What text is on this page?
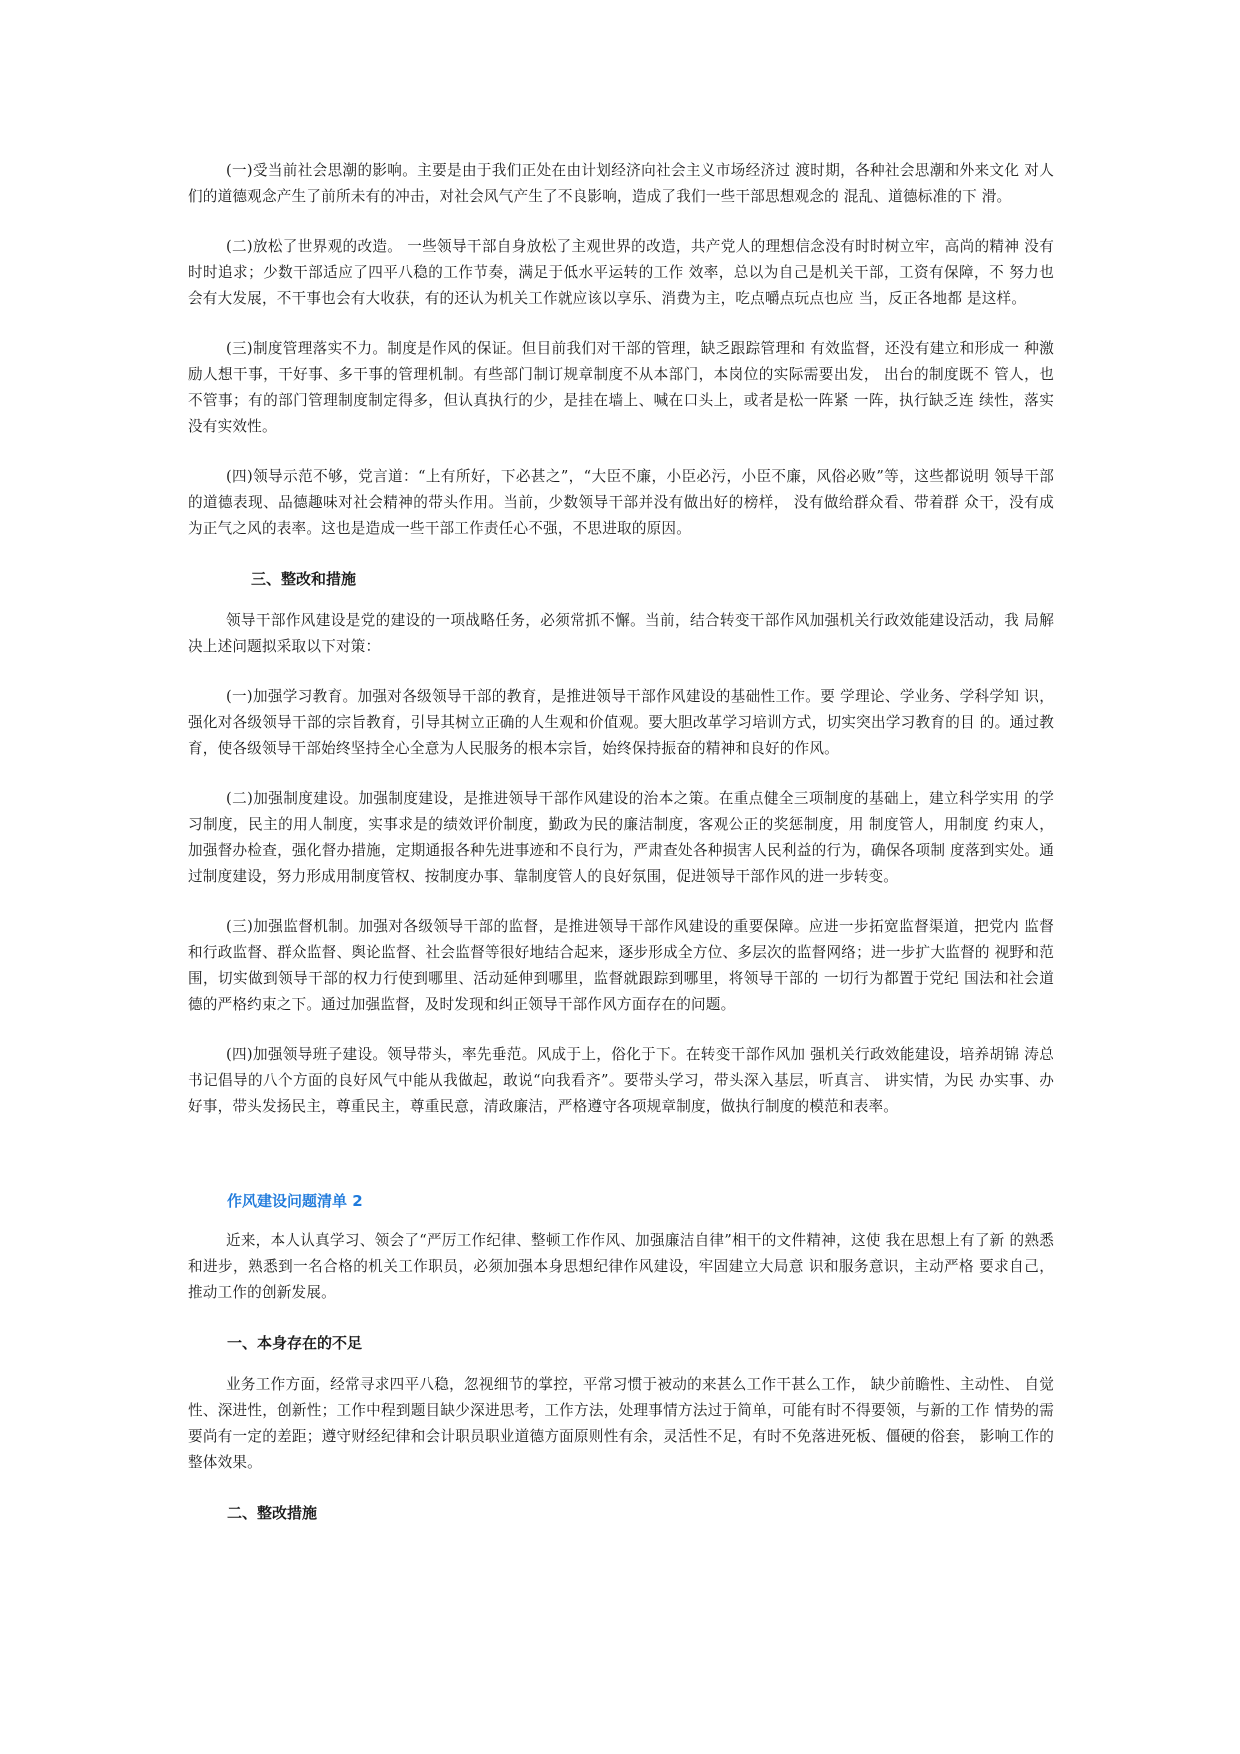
(一)受当前社会思潮的影响。主要是由于我们正处在由计划经济向社会主义市场经济过 渡时期，各种社会思潮和外来文化 对人们的道德观念产生了前所未有的冲击，对社会风气产生了不良影响，造成了我们一些干部思想观念的 混乱、道德标准的下 滑。

(二)放松了世界观的改造。 一些领导干部自身放松了主观世界的改造，共产党人的理想信念没有时时树立牢，高尚的精神 没有时时追求；少数干部适应了四平八稳的工作节奏，满足于低水平运转的工作 效率，总以为自己是机关干部，工资有保障，不 努力也会有大发展，不干事也会有大收获，有的还认为机关工作就应该以享乐、消费为主，吃点嚼点玩点也应 当，反正各地都 是这样。

(三)制度管理落实不力。制度是作风的保证。但目前我们对干部的管理，缺乏跟踪管理和 有效监督，还没有建立和形成一 种激励人想干事，干好事、多干事的管理机制。有些部门制订规章制度不从本部门，本岗位的实际需要出发， 出台的制度既不 管人，也不管事；有的部门管理制度制定得多，但认真执行的少，是挂在墙上、喊在口头上，或者是松一阵紧 一阵，执行缺乏连 续性，落实没有实效性。

(四)领导示范不够，党言道：“上有所好，下必甚之”，“大臣不廉，小臣必污，小臣不廉，风俗必败”等，这些都说明 领导干部的道德表现、品德趣味对社会精神的带头作用。当前，少数领导干部并没有做出好的榜样， 没有做给群众看、带着群 众干，没有成为正气之风的表率。这也是造成一些干部工作责任心不强，不思进取的原因。

三、整改和措施

领导干部作风建设是党的建设的一项战略任务，必须常抓不懈。当前，结合转变干部作风加强机关行政效能建设活动，我 局解决上述问题拟采取以下对策：

(一)加强学习教育。加强对各级领导干部的教育，是推进领导干部作风建设的基础性工作。要 学理论、学业务、学科学知 识，强化对各级领导干部的宗旨教育，引导其树立正确的人生观和价值观。要大胆改革学习培训方式，切实突出学习教育的目 的。通过教育，使各级领导干部始终坚持全心全意为人民服务的根本宗旨，始终保持振奋的精神和良好的作风。

(二)加强制度建设。加强制度建设，是推进领导干部作风建设的治本之策。在重点健全三项制度的基础上，建立科学实用 的学习制度，民主的用人制度，实事求是的绩效评价制度，勤政为民的廉洁制度，客观公正的奖惩制度，用 制度管人，用制度 约束人，加强督办检查，强化督办措施，定期通报各种先进事迹和不良行为，严肃查处各种损害人民利益的行为，确保各项制 度落到实处。通过制度建设，努力形成用制度管权、按制度办事、靠制度管人的良好氛围，促进领导干部作风的进一步转变。

(三)加强监督机制。加强对各级领导干部的监督，是推进领导干部作风建设的重要保障。应进一步拓宽监督渠道，把党内 监督和行政监督、群众监督、舆论监督、社会监督等很好地结合起来，逐步形成全方位、多层次的监督网络；进一步扩大监督的 视野和范围，切实做到领导干部的权力行使到哪里、活动延伸到哪里，监督就跟踪到哪里，将领导干部的 一切行为都置于党纪 国法和社会道德的严格约束之下。通过加强监督，及时发现和纠正领导干部作风方面存在的问题。

(四)加强领导班子建设。领导带头，率先垂范。风成于上，俗化于下。在转变干部作风加 强机关行政效能建设，培养胡锦 涛总书记倡导的八个方面的良好风气中能从我做起，敢说“向我看齐”。要带头学习，带头深入基层，听真言、 讲实情，为民 办实事、办好事，带头发扬民主，尊重民主，尊重民意，清政廉洁，严格遵守各项规章制度，做执行制度的模范和表率。

作风建设问题清单 2

近来，本人认真学习、领会了“严厉工作纪律、整顿工作作风、加强廉洁自律”相干的文件精神，这使 我在思想上有了新 的熟悉和进步，熟悉到一名合格的机关工作职员，必须加强本身思想纪律作风建设，牢固建立大局意 识和服务意识，主动严格 要求自己，推动工作的创新发展。

一、本身存在的不足

业务工作方面，经常寻求四平八稳，忽视细节的掌控，平常习惯于被动的来甚么工作干甚么工作， 缺少前瞻性、主动性、 自觉性、深进性，创新性；工作中程到题目缺少深进思考，工作方法，处理事情方法过于简单，可能有时不得要领，与新的工作 情势的需要尚有一定的差距；遵守财经纪律和会计职员职业道德方面原则性有余，灵活性不足，有时不免落进死板、僵硬的俗套， 影响工作的整体效果。

二、整改措施
